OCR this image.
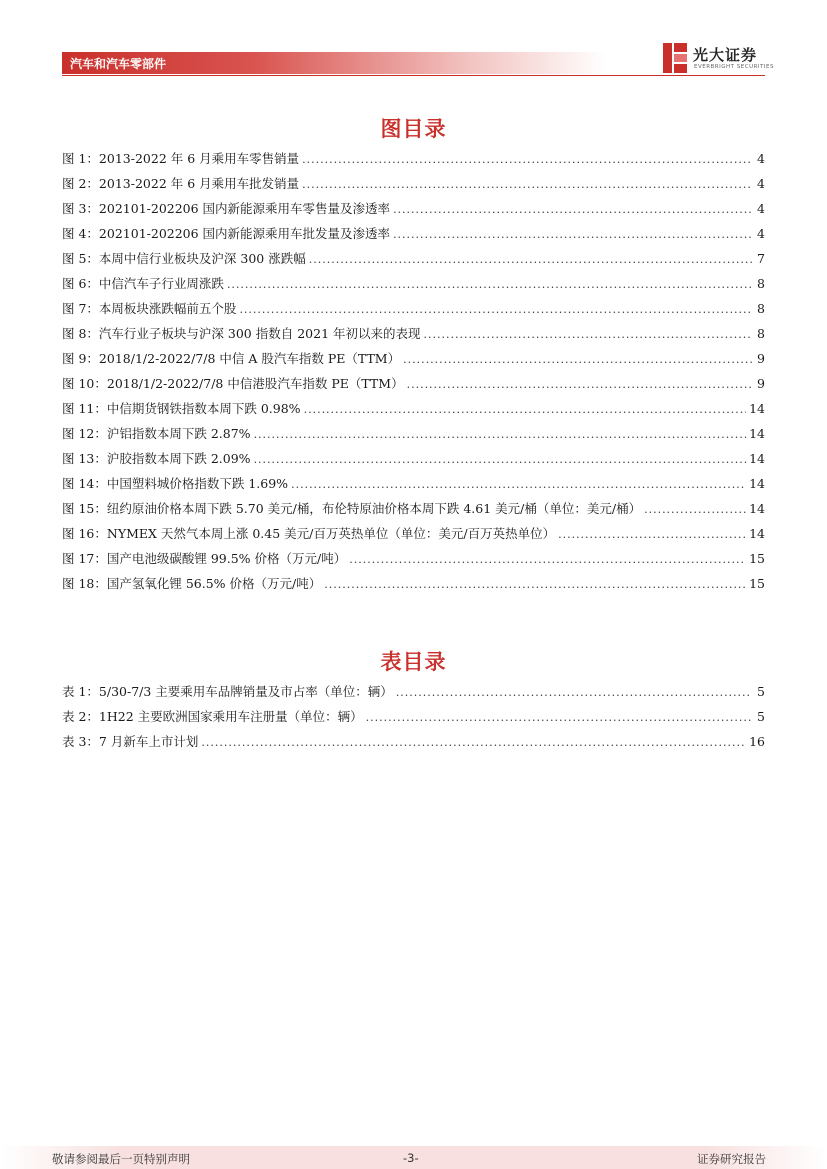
汽车和汽车零部件	光大证券
EVERBRIGHT SECURITIES
图目录
图 1：2013-2022 年 6 月乘用车零售销量 .....	4
图 2：2013-2022 年 6 月乘用车批发销量 .....	4
图 3：202101-202206 国内新能源乘用车零售量及渗透率 .....	4
图 4：202101-202206 国内新能源乘用车批发量及渗透率 .....	4
图 5：本周中信行业板块及沪深 300 涨跌幅 .....	7
图 6：中信汽车子行业周涨跌 .....	8
图 7：本周板块涨跌幅前五个股 .....	8
图 8：汽车行业子板块与沪深 300 指数自 2021 年初以来的表现 .....	8
图 9：2018/1/2-2022/7/8 中信 A 股汽车指数 PE（TTM） .....	9
图 10：2018/1/2-2022/7/8 中信港股汽车指数 PE（TTM） .....	9
图 11：中信期货钢铁指数本周下跌 0.98% .....	14
图 12：沪铝指数本周下跌 2.87% .....	14
图 13：沪胶指数本周下跌 2.09% .....	14
图 14：中国塑料城价格指数下跌 1.69% .....	14
图 15：纽约原油价格本周下跌 5.70 美元/桶，布伦特原油价格本周下跌 4.61 美元/桶（单位：美元/桶） .....	14
图 16：NYMEX 天然气本周上涨 0.45 美元/百万英热单位（单位：美元/百万英热单位） .....	14
图 17：国产电池级碳酸锂 99.5% 价格（万元/吨） .....	15
图 18：国产氢氧化锂 56.5% 价格（万元/吨） .....	15
表目录
表 1：5/30-7/3 主要乘用车品牌销量及市占率（单位：辆） .....	5
表 2：1H22 主要欧洲国家乘用车注册量（单位：辆） .....	5
表 3：7 月新车上市计划 .....	16
敬请参阅最后一页特别声明	-3-	证券研究报告
